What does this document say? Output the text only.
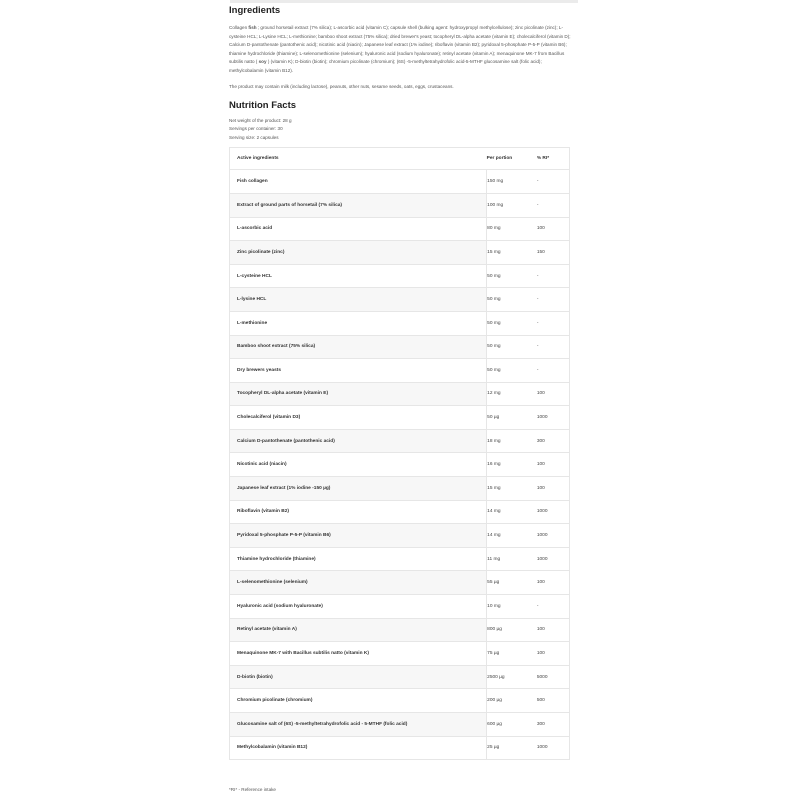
Ingredients

Collagen fish ; ground horsetail extract (7% silica); L-ascorbic acid (vitamin C); capsule shell (bulking agent: hydroxypropyl methylcellulose); zinc picolinate (zinc); L-cysteine HCL; L-Lysine HCL; L-methionine; bamboo shoot extract (75% silica); dried brewer's yeast; tocopheryl DL-alpha acetate (vitamin E); cholecalciferol (vitamin D); Calcium D-pantothenate (pantothenic acid); nicotinic acid (niacin); Japanese leaf extract (1% iodine); riboflavin (vitamin B2); pyridoxal 5-phosphate P-5-P (vitamin B6); thiamine hydrochloride (thiamine); L-selenomethionine (selenium); hyaluronic acid (sodium hyaluronate); retinyl acetate (vitamin A); menaquinone MK-7 from Bacillus subtilis natto ( soy ) (vitamin K); D-biotin (biotin); chromium picolinate (chromium); (6S) -5-methyltetrahydrofolic acid-5-MTHF glucosamine salt (folic acid); methylcobalamin (vitamin B12).

The product may contain milk (including lactose), peanuts, other nuts, sesame seeds, oats, eggs, crustaceans.

Nutrition Facts
Net weight of the product: 28 g
Servings per container: 30
Serving size: 2 capsules
Active ingredients	Per portion	% RI*
Fish collagen	150 mg	-
Extract of ground parts of horsetail (7% silica)	100 mg	-
L-ascorbic acid	80 mg	100
Zinc picolinate (zinc)	15 mg	150
L-cysteine HCL	50 mg	-
L-lysine HCL	50 mg	-
L-methionine	50 mg	-
Bamboo shoot extract (75% silica)	50 mg	-
Dry brewers yeasts	50 mg	-
Tocopheryl DL-alpha acetate (vitamin E)	12 mg	100
Cholecalciferol (vitamin D3)	50 µg	1000
Calcium D-pantothenate (pantothenic acid)	18 mg	300
Nicotinic acid (niacin)	16 mg	100
Japanese leaf extract (1% iodine -150 µg)	15 mg	100
Riboflavin (vitamin B2)	14 mg	1000
Pyridoxal 5-phosphate P-5-P (vitamin B6)	14 mg	1000
Thiamine hydrochloride (thiamine)	11 mg	1000
L-selenomethionine (selenium)	55 µg	100
Hyaluronic acid (sodium hyaluronate)	10 mg	-
Retinyl acetate (vitamin A)	800 µg	100
Menaquinone MK-7 with Bacillus subtilis natto (vitamin K)	75 µg	100
D-biotin (biotin)	2500 µg	5000
Chromium picolinate (chromium)	200 µg	500
Glucosamine salt of (6S) -5-methyltetrahydrofolic acid - 5-MTHF (folic acid)	600 µg	300
Methylcobalamin (vitamin B12)	25 µg	1000
*RI* - Reference intake
